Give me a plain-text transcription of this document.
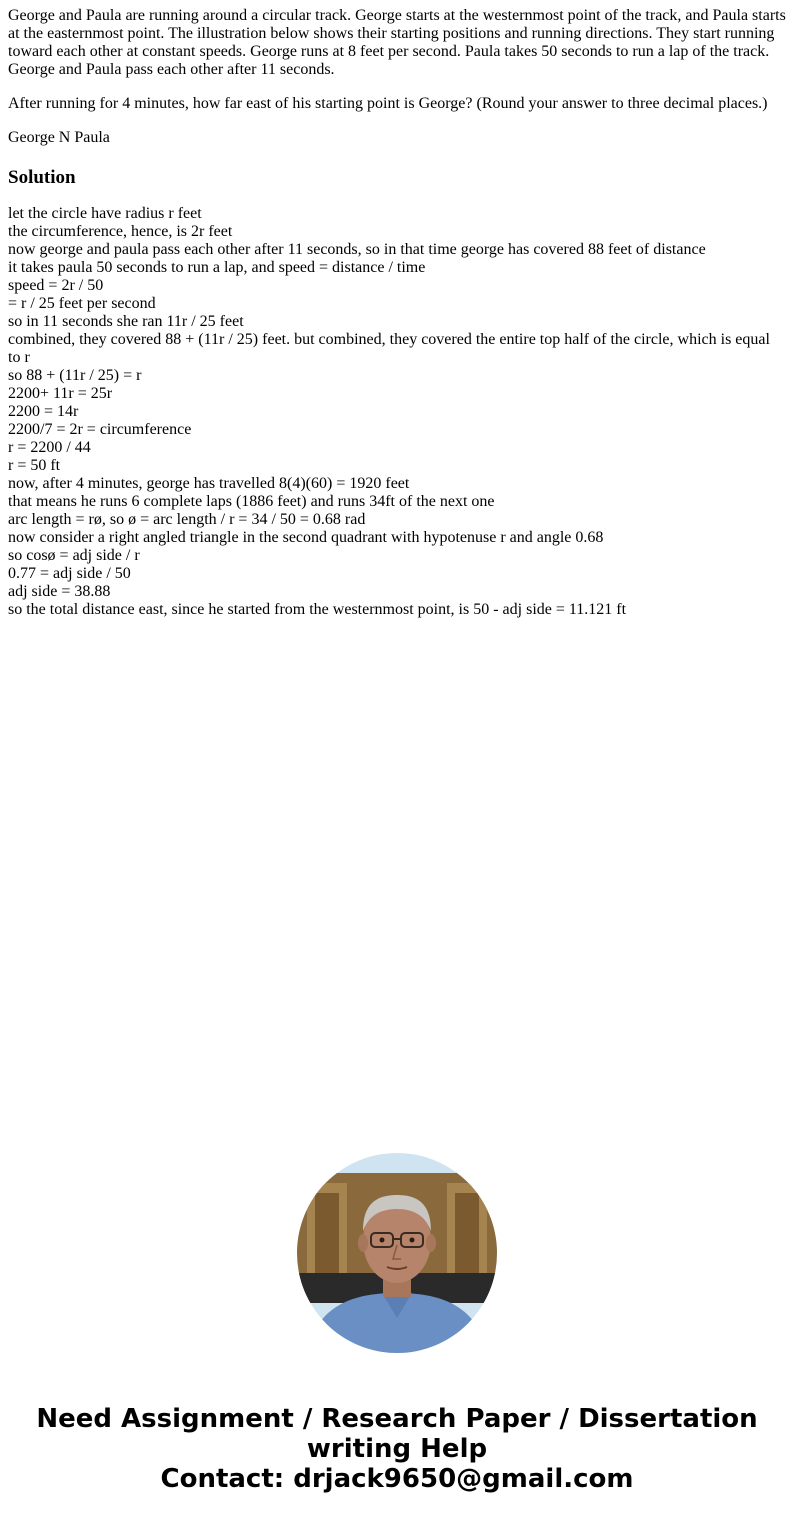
George and Paula are running around a circular track. George starts at the westernmost point of the track, and Paula starts at the easternmost point. The illustration below shows their starting positions and running directions. They start running toward each other at constant speeds. George runs at 8 feet per second. Paula takes 50 seconds to run a lap of the track. George and Paula pass each other after 11 seconds.

After running for 4 minutes, how far east of his starting point is George? (Round your answer to three decimal places.)

George N Paula

Solution
let the circle have radius r feet
the circumference, hence, is 2r feet
now george and paula pass each other after 11 seconds, so in that time george has covered 88 feet of distance
it takes paula 50 seconds to run a lap, and speed = distance / time
speed = 2r / 50
= r / 25 feet per second
so in 11 seconds she ran 11r / 25 feet
combined, they covered 88 + (11r / 25) feet. but combined, they covered the entire top half of the circle, which is equal to r
so 88 + (11r / 25) = r
2200+ 11r = 25r
2200 = 14r
2200/7 = 2r = circumference
r = 2200 / 44
r = 50 ft
now, after 4 minutes, george has travelled 8(4)(60) = 1920 feet
that means he runs 6 complete laps (1886 feet) and runs 34ft of the next one
arc length = rø, so ø = arc length / r = 34 / 50 = 0.68 rad
now consider a right angled triangle in the second quadrant with hypotenuse r and angle 0.68
so cosø = adj side / r
0.77 = adj side / 50
adj side = 38.88
so the total distance east, since he started from the westernmost point, is 50 - adj side = 11.121 ft
Need Assignment / Research Paper / Dissertation
writing Help
Contact: drjack9650@gmail.com
